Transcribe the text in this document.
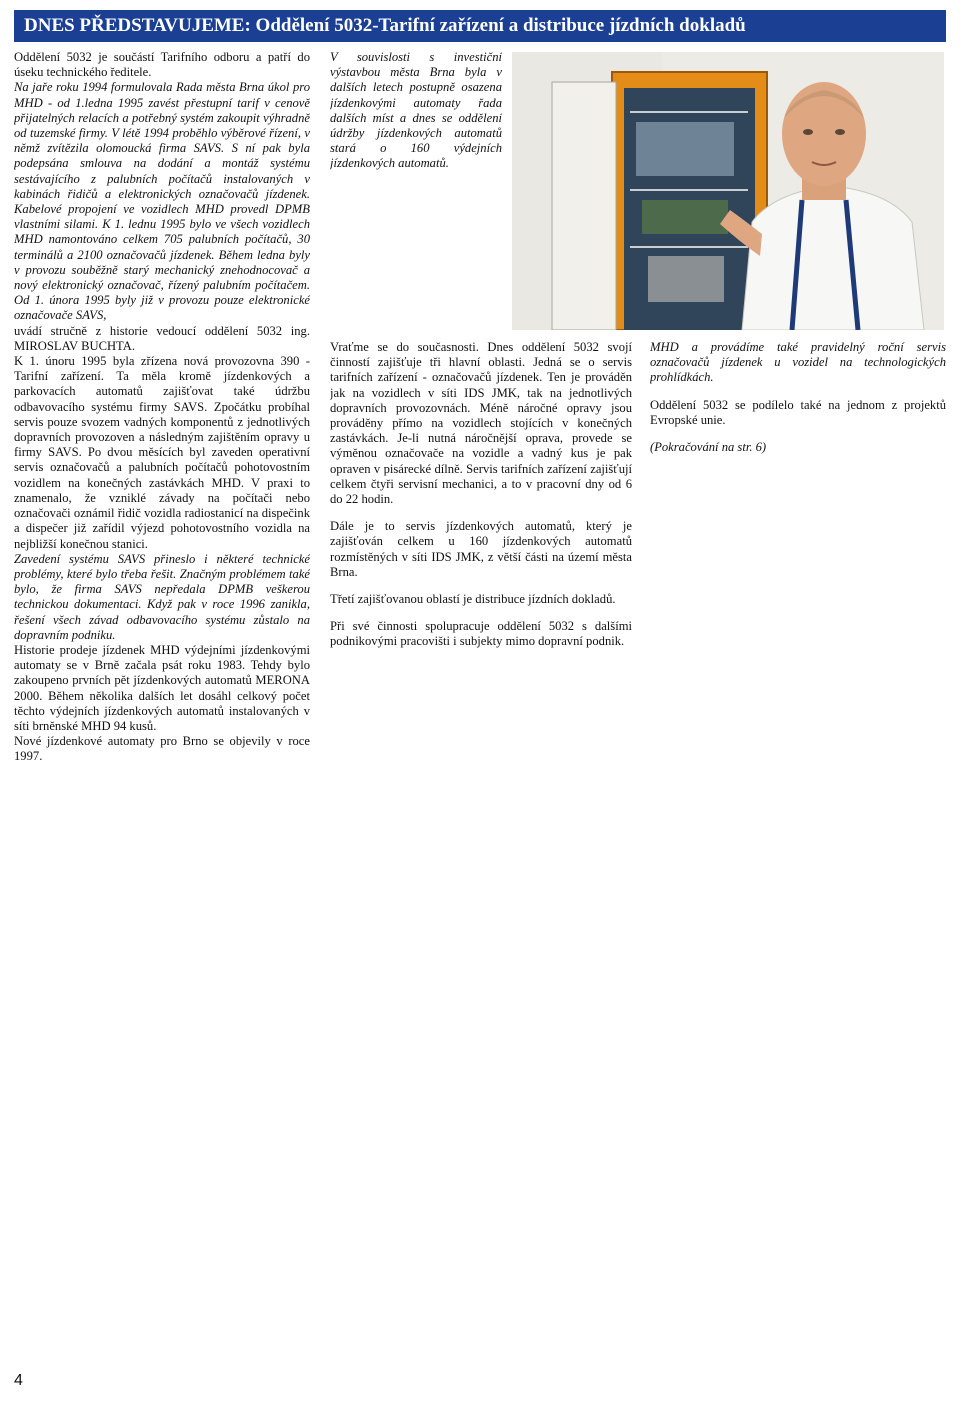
DNES PŘEDSTAVUJEME: Oddělení 5032-Tarifní zařízení a distribuce jízdních dokladů

Oddělení 5032 je součástí Tarifního odboru a patří do úseku technického ředitele.

Na jaře roku 1994 formulovala Rada města Brna úkol pro MHD - od 1.ledna 1995 zavést přestupní tarif v cenově přijatelných relacích a potřebný systém zakoupit výhradně od tuzemské firmy. V létě 1994 proběhlo výběrové řízení, v němž zvítězila olomoucká firma SAVS. S ní pak byla podepsána smlouva na dodání a montáž systému sestávajícího z palubních počítačů instalovaných v kabinách řidičů a elektronických označovačů jízdenek. Kabelové propojení ve vozidlech MHD provedl DPMB vlastními silami. K 1. lednu 1995 bylo ve všech vozidlech MHD namontováno celkem 705 palubních počítačů, 30 terminálů a 2100 označovačů jízdenek. Během ledna byly v provozu souběžně starý mechanický znehodnocovač a nový elektronický označovač, řízený palubním počítačem. Od 1. února 1995 byly již v provozu pouze elektronické označovače SAVS,

uvádí stručně z historie vedoucí oddělení 5032 ing. MIROSLAV BUCHTA.

K 1. únoru 1995 byla zřízena nová provozovna 390 - Tarifní zařízení. Ta měla kromě jízdenkových a parkovacích automatů zajišťovat také údržbu odbavovacího systému firmy SAVS. Zpočátku probíhal servis pouze svozem vadných komponentů z jednotlivých dopravních provozoven a následným zajištěním opravy u firmy SAVS. Po dvou měsících byl zaveden operativní servis označovačů a palubních počítačů pohotovostním vozidlem na konečných zastávkách MHD. V praxi to znamenalo, že vzniklé závady na počítači nebo označovači oznámil řidič vozidla radiostanicí na dispečink a dispečer již zařídil výjezd pohotovostního vozidla na nejbližší konečnou stanici.

Zavedení systému SAVS přineslo i některé technické problémy, které bylo třeba řešit. Značným problémem také bylo, že firma SAVS nepředala DPMB veškerou technickou dokumentaci. Když pak v roce 1996 zanikla, řešení všech závad odbavovacího systému zůstalo na dopravním podniku.

Historie prodeje jízdenek MHD výdejními jízdenkovými automaty se v Brně začala psát roku 1983. Tehdy bylo zakoupeno prvních pět jízdenkových automatů MERONA 2000. Během několika dalších let dosáhl celkový počet těchto výdejních jízdenkových automatů instalovaných v síti brněnské MHD 94 kusů.

Nové jízdenkové automaty pro Brno se objevily v roce 1997.

V souvislosti s investiční výstavbou města Brna byla v dalších letech postupně osazena jízdenkovými automaty řada dalších míst a dnes se oddělení údržby jízdenkových automatů stará o 160 výdejních jízdenkových automatů.

Vraťme se do současnosti. Dnes oddělení 5032 svojí činností zajišťuje tři hlavní oblasti. Jedná se o servis tarifních zařízení - označovačů jízdenek. Ten je prováděn jak na vozidlech v síti IDS JMK, tak na jednotlivých dopravních provozovnách. Méně náročné opravy jsou prováděny přímo na vozidlech stojících v konečných zastávkách. Je-li nutná náročnější oprava, provede se výměnou označovače na vozidle a vadný kus je pak opraven v pisárecké dílně. Servis tarifních zařízení zajišťují celkem čtyři servisní mechanici, a to v pracovní dny od 6 do 22 hodin.

Dále je to servis jízdenkových automatů, který je zajišťován celkem u 160 jízdenkových automatů rozmístěných v síti IDS JMK, z větší části na území města Brna.

Třetí zajišťovanou oblastí je distribuce jízdních dokladů.

Při své činnosti spolupracuje oddělení 5032 s dalšími podnikovými pracovišti i subjekty mimo dopravní podnik.

MHD a provádíme také pravidelný roční servis označovačů jízdenek u vozidel na technologických prohlídkách.

Oddělení 5032 se podílelo také na jednom z projektů Evropské unie.

(Pokračování na str. 6)

4
